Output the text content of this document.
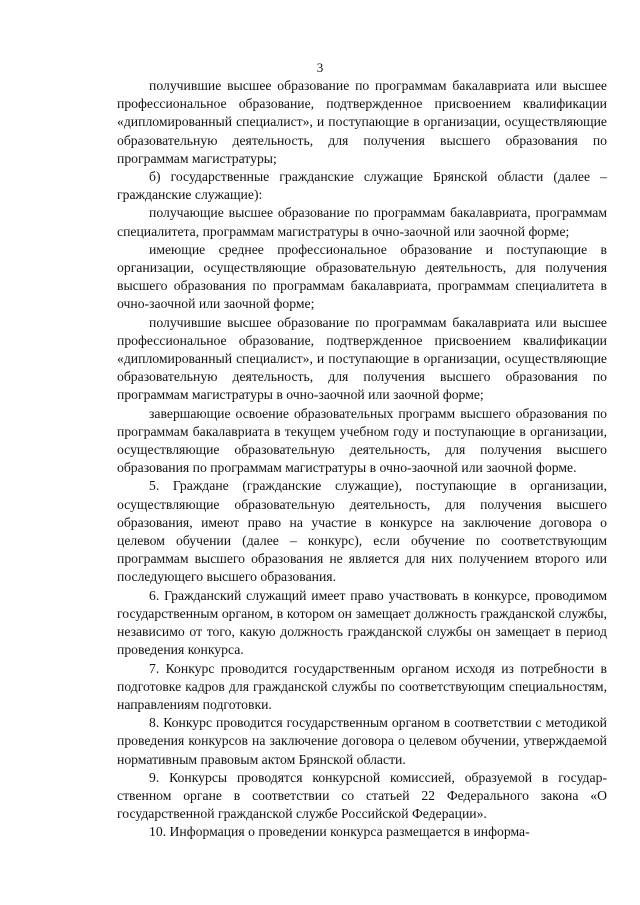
3

получившие высшее образование по программам бакалавриата или высшее профессиональное образование, подтвержденное присвоением квалификации «дипломированный специалист», и поступающие в организации, осуществляющие образовательную деятельность, для получения высшего образования по программам магистратуры;

б) государственные гражданские служащие Брянской области (далее – гражданские служащие):

получающие высшее образование по программам бакалавриата, программам специалитета, программам магистратуры в очно-заочной или заочной форме;

имеющие среднее профессиональное образование и поступающие в организации, осуществляющие образовательную деятельность, для получения высшего образования по программам бакалавриата, программам специалитета в очно-заочной или заочной форме;

получившие высшее образование по программам бакалавриата или высшее профессиональное образование, подтвержденное присвоением квалификации «дипломированный специалист», и поступающие в организации, осуществляющие образовательную деятельность, для получения высшего образования по программам магистратуры в очно-заочной или заочной форме;

завершающие освоение образовательных программ высшего образования по программам бакалавриата в текущем учебном году и поступающие в организации, осуществляющие образовательную деятельность, для получения высшего образования по программам магистратуры в очно-заочной или заочной форме.

5. Граждане (гражданские служащие), поступающие в организации, осуществляющие образовательную деятельность, для получения высшего образования, имеют право на участие в конкурсе на заключение договора о целевом обучении (далее – конкурс), если обучение по соответствующим программам высшего образования не является для них получением второго или последующего высшего образования.

6. Гражданский служащий имеет право участвовать в конкурсе, проводимом государственным органом, в котором он замещает должность гражданской службы, независимо от того, какую должность гражданской службы он замещает в период проведения конкурса.

7. Конкурс проводится государственным органом исходя из потребности в подготовке кадров для гражданской службы по соответствующим специальностям, направлениям подготовки.

8. Конкурс проводится государственным органом в соответствии с методикой проведения конкурсов на заключение договора о целевом обучении, утверждаемой нормативным правовым актом Брянской области.

9. Конкурсы проводятся конкурсной комиссией, образуемой в государственном органе в соответствии со статьей 22 Федерального закона «О государственной гражданской службе Российской Федерации».

10. Информация о проведении конкурса размещается в информа-
